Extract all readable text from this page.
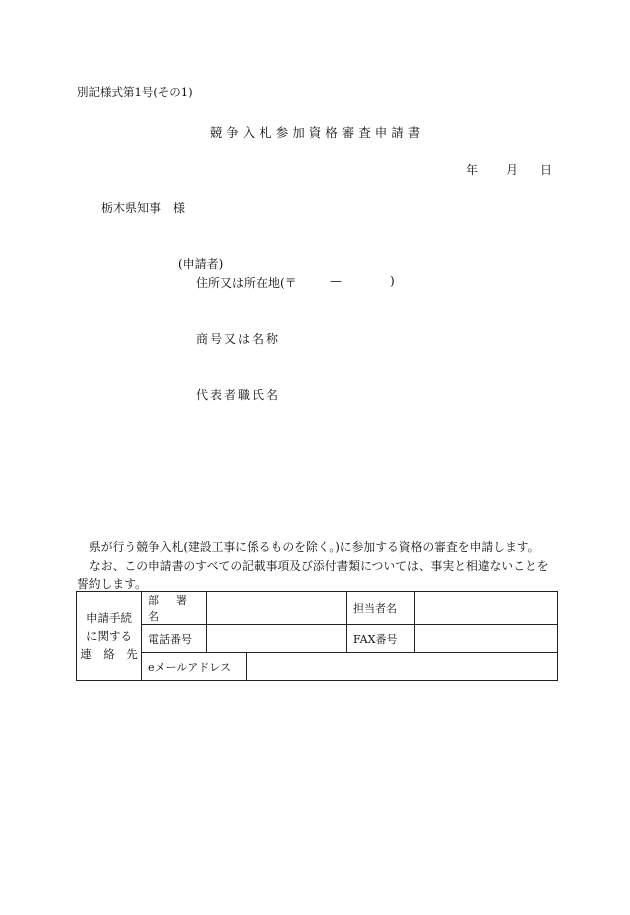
別記様式第1号(その1)
競争入札参加資格審査申請書
年 月 日
栃木県知事　様
(申請者)
住所又は所在地(〒	—	)
商号又は名称
代表者職氏名
県が行う競争入札(建設工事に係るものを除く。)に参加する資格の審査を申請します。
なお、この申請書のすべての記載事項及び添付書類については、事実と相違ないことを
誓約します。
申請手続
に関する
連　絡　先	部　署　名			担当者名	
	電話番号			FAX番号	
	eメールアドレス				
